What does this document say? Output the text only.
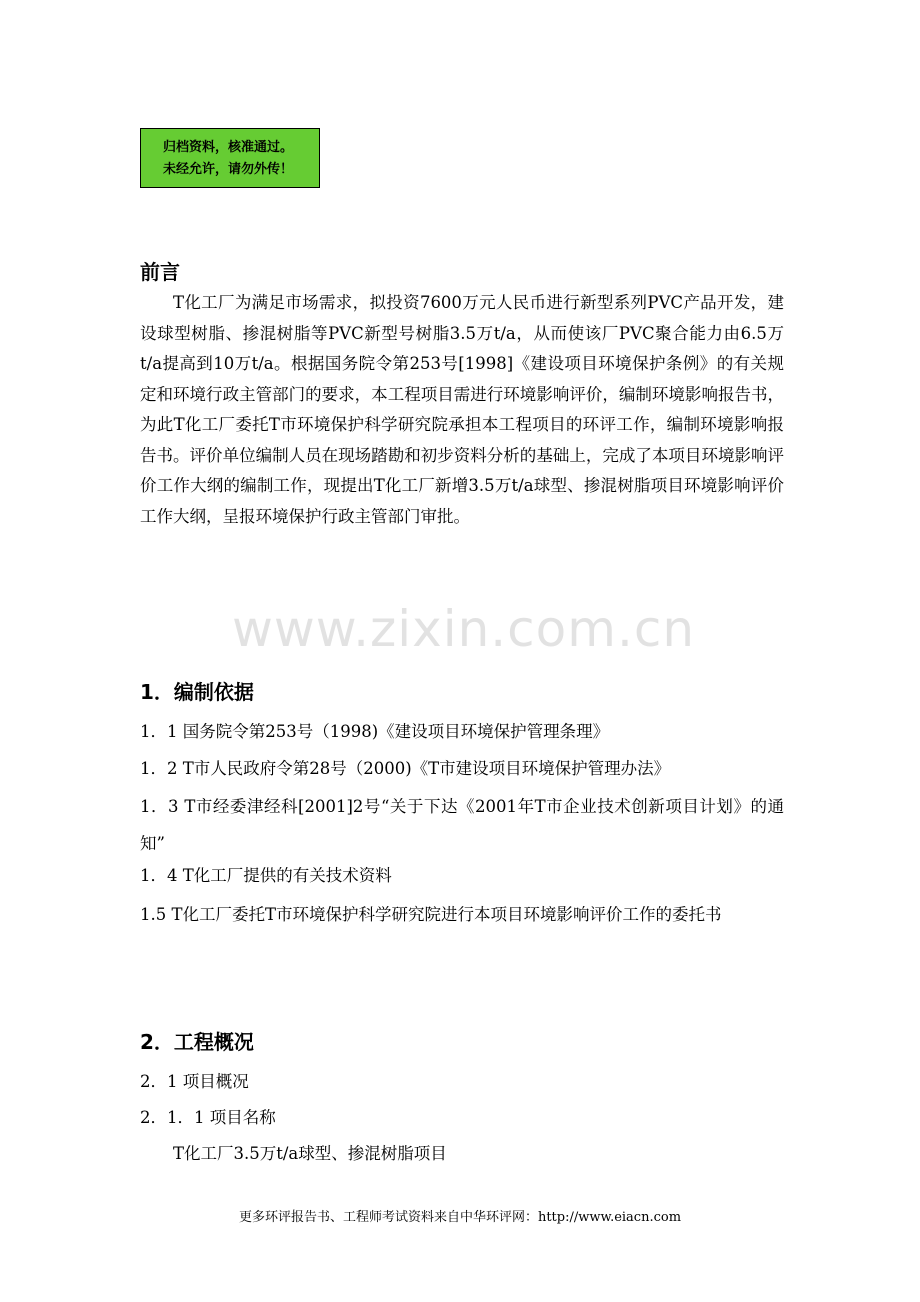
归档资料，核准通过。
未经允许，请勿外传！
前言

T化工厂为满足市场需求，拟投资7600万元人民币进行新型系列PVC产品开发，建设球型树脂、掺混树脂等PVC新型号树脂3.5万t/a，从而使该厂PVC聚合能力由6.5万t/a提高到10万t/a。根据国务院令第253号[1998]《建设项目环境保护条例》的有关规定和环境行政主管部门的要求，本工程项目需进行环境影响评价，编制环境影响报告书，为此T化工厂委托T市环境保护科学研究院承担本工程项目的环评工作，编制环境影响报告书。评价单位编制人员在现场踏勘和初步资料分析的基础上，完成了本项目环境影响评价工作大纲的编制工作，现提出T化工厂新增3.5万t/a球型、掺混树脂项目环境影响评价工作大纲，呈报环境保护行政主管部门审批。

www.zixin.com.cn
1．编制依据
1．1 国务院令第253号（1998)《建设项目环境保护管理条理》
1．2 T市人民政府令第28号（2000)《T市建设项目环境保护管理办法》
1．3 T市经委津经科[2001]2号“关于下达《2001年T市企业技术创新项目计划》的通知”
1．4 T化工厂提供的有关技术资料
1.5 T化工厂委托T市环境保护科学研究院进行本项目环境影响评价工作的委托书
2．工程概况
2．1 项目概况
2．1．1 项目名称
T化工厂3.5万t/a球型、掺混树脂项目
更多环评报告书、工程师考试资料来自中华环评网：http://www.eiacn.com
